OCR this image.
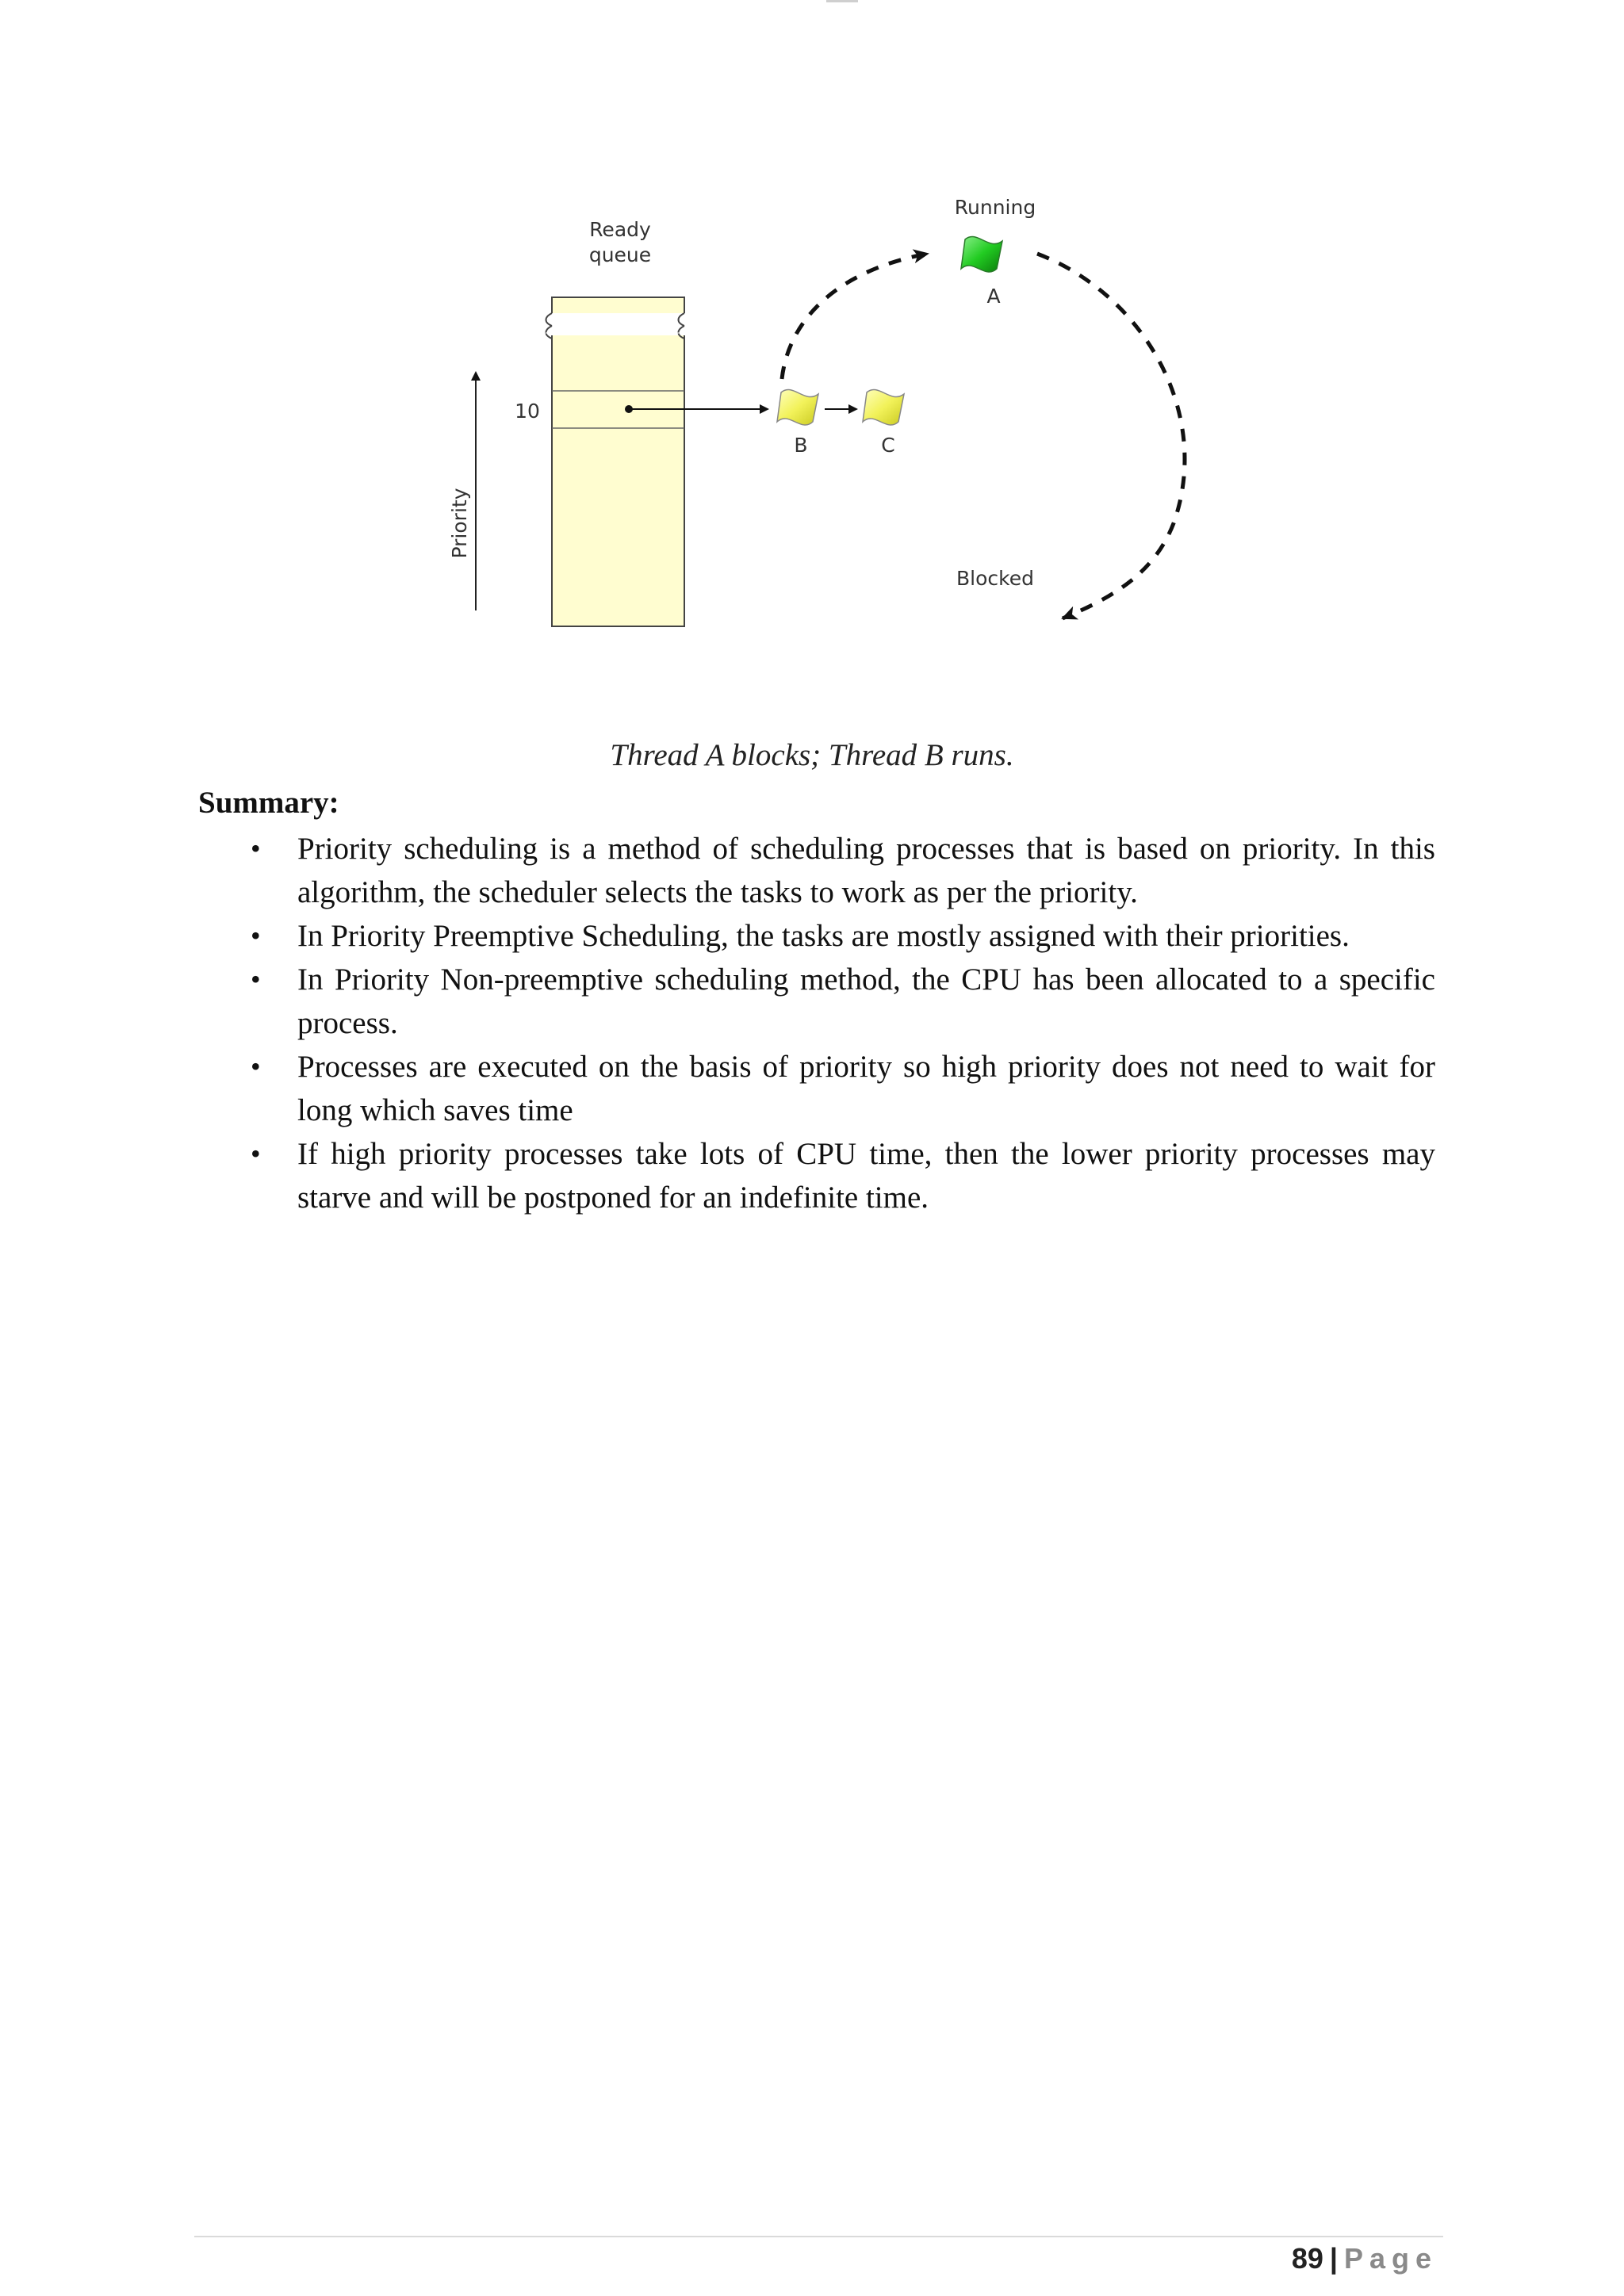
Priority
Ready
queue
10
B	C
Running
A
Blocked
Thread A blocks; Thread B runs.
Summary:
• Priority scheduling is a method of scheduling processes that is based on priority. In this algorithm, the scheduler selects the tasks to work as per the priority.
• In Priority Preemptive Scheduling, the tasks are mostly assigned with their priorities.
• In Priority Non-preemptive scheduling method, the CPU has been allocated to a specific process.
• Processes are executed on the basis of priority so high priority does not need to wait for long which saves time
• If high priority processes take lots of CPU time, then the lower priority processes may starve and will be postponed for an indefinite time.
89 | Page
